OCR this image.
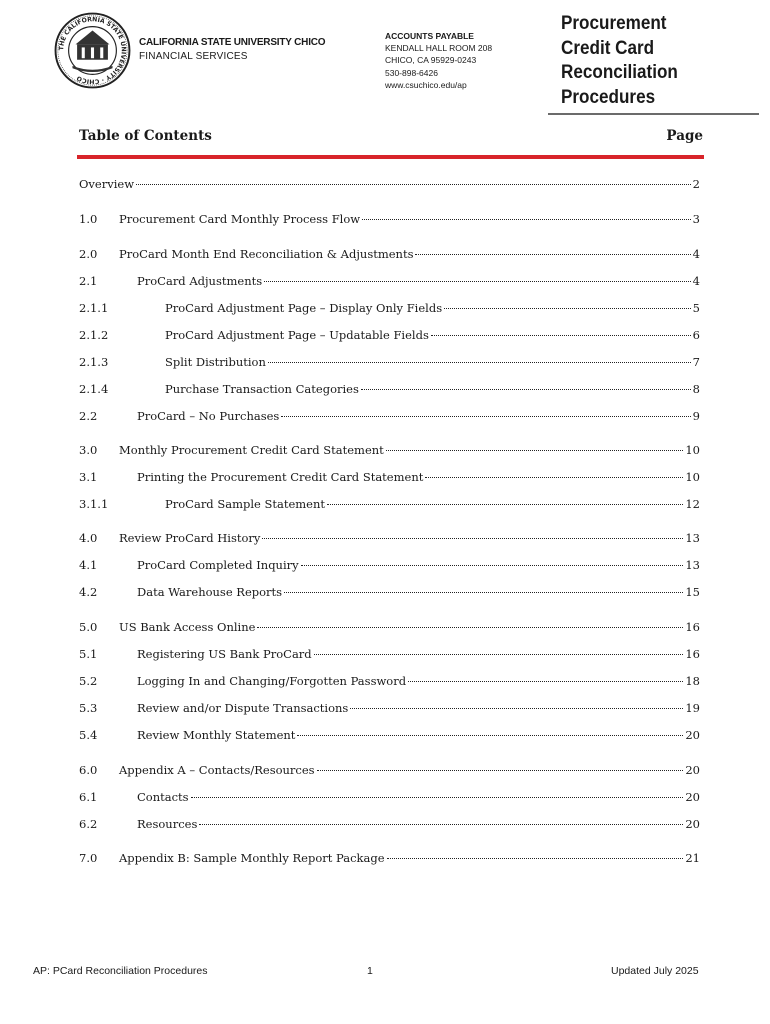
THE CALIFORNIA STATE UNIVERSITY · CHICO
CALIFORNIA STATE UNIVERSITY CHICO
FINANCIAL SERVICES
ACCOUNTS PAYABLE
KENDALL HALL ROOM 208
CHICO, CA 95929-0243
530-898-6426
www.csuchico.edu/ap
Procurement
Credit Card
Reconciliation
Procedures
Table of Contents	Page
Overview	2
1.0	Procurement Card Monthly Process Flow	3
2.0	ProCard Month End Reconciliation & Adjustments	4
2.1	ProCard Adjustments	4
2.1.1	ProCard Adjustment Page – Display Only Fields	5
2.1.2	ProCard Adjustment Page – Updatable Fields	6
2.1.3	Split Distribution	7
2.1.4	Purchase Transaction Categories	8
2.2	ProCard – No Purchases	9
3.0	Monthly Procurement Credit Card Statement	10
3.1	Printing the Procurement Credit Card Statement	10
3.1.1	ProCard Sample Statement	12
4.0	Review ProCard History	13
4.1	ProCard Completed Inquiry	13
4.2	Data Warehouse Reports	15
5.0	US Bank Access Online	16
5.1	Registering US Bank ProCard	16
5.2	Logging In and Changing/Forgotten Password	18
5.3	Review and/or Dispute Transactions	19
5.4	Review Monthly Statement	20
6.0	Appendix A – Contacts/Resources	20
6.1	Contacts	20
6.2	Resources	20
7.0	Appendix B: Sample Monthly Report Package	21
AP: PCard Reconciliation Procedures	1	Updated July 2025
